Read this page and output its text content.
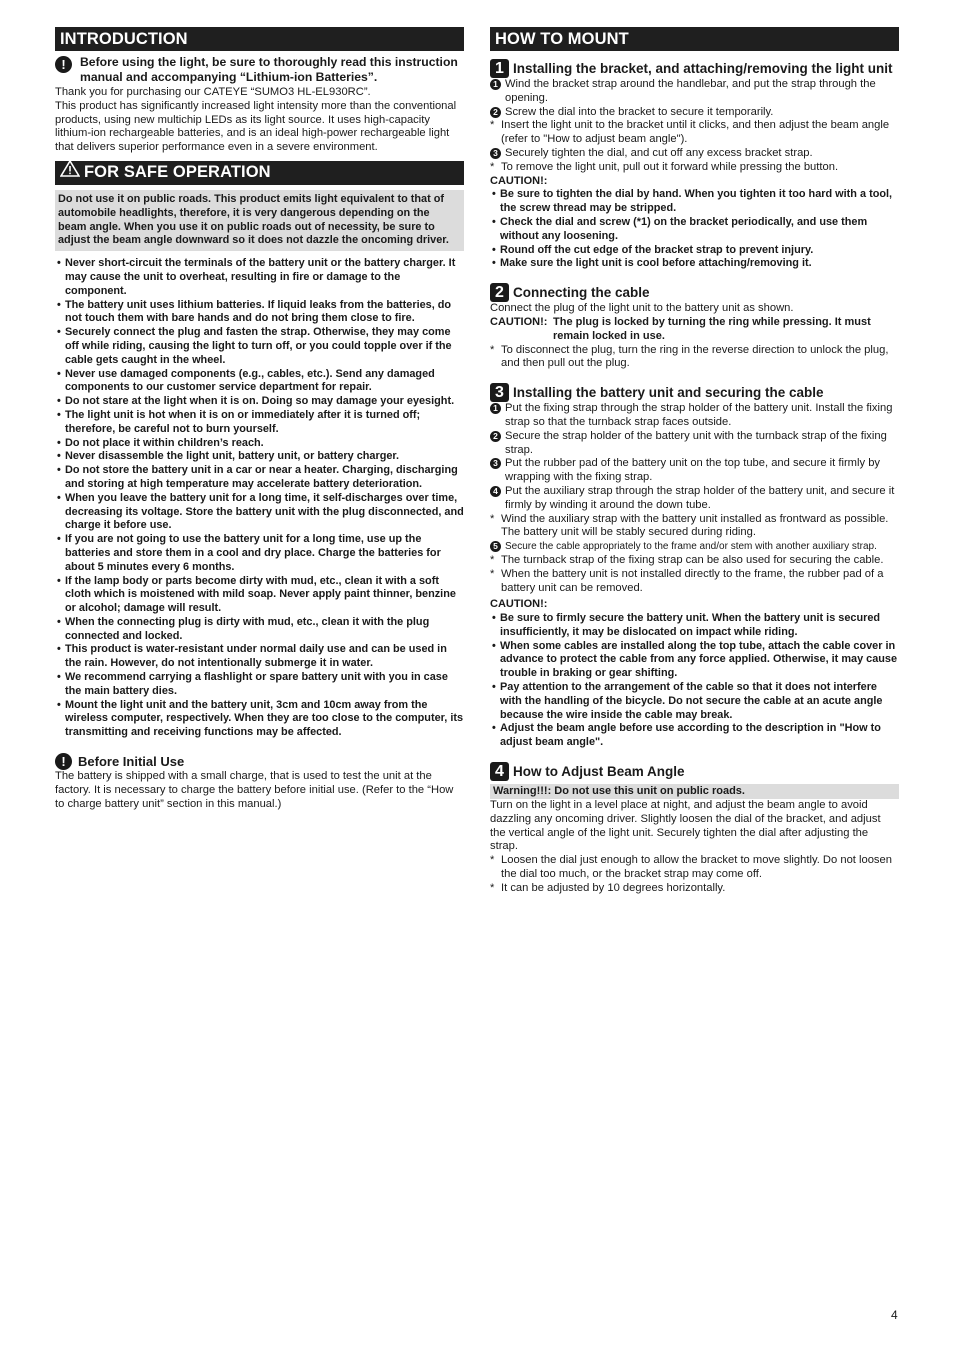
INTRODUCTION
!	Before using the light, be sure to thoroughly read this instruction manual and accompanying “Lithium-ion Batteries”.

Thank you for purchasing our CATEYE “SUMO3 HL-EL930RC”.

This product has significantly increased light intensity more than the conventional products, using new multichip LEDs as its light source. It uses high-capacity lithium-ion rechargeable batteries, and is an ideal high-power rechargeable light that delivers superior performance even in a severe environment.

FOR SAFE OPERATION
Do not use it on public roads. This product emits light equivalent to that of automobile headlights, therefore, it is very dangerous depending on the beam angle. When you use it on public roads out of necessity, be sure to adjust the beam angle downward so it does not dazzle the oncoming driver.
• Never short-circuit the terminals of the battery unit or the battery charger. It may cause the unit to overheat, resulting in fire or damage to the component.
• The battery unit uses lithium batteries. If liquid leaks from the batteries, do not touch them with bare hands and do not bring them close to fire.
• Securely connect the plug and fasten the strap. Otherwise, they may come off while riding, causing the light to turn off, or you could topple over if the cable gets caught in the wheel.
• Never use damaged components (e.g., cables, etc.). Send any damaged components to our customer service department for repair.
• Do not stare at the light when it is on. Doing so may damage your eyesight.
• The light unit is hot when it is on or immediately after it is turned off; therefore, be careful not to burn yourself.
• Do not place it within children’s reach.
• Never disassemble the light unit, battery unit, or battery charger.
• Do not store the battery unit in a car or near a heater. Charging, discharging and storing at high temperature may accelerate battery deterioration.
• When you leave the battery unit for a long time, it self-discharges over time, decreasing its voltage. Store the battery unit with the plug disconnected, and charge it before use.
• If you are not going to use the battery unit for a long time, use up the batteries and store them in a cool and dry place. Charge the batteries for about 5 minutes every 6 months.
• If the lamp body or parts become dirty with mud, etc., clean it with a soft cloth which is moistened with mild soap. Never apply paint thinner, benzine or alcohol; damage will result.
• When the connecting plug is dirty with mud, etc., clean it with the plug connected and locked.
• This product is water-resistant under normal daily use and can be used in the rain. However, do not intentionally submerge it in water.
• We recommend carrying a flashlight or spare battery unit with you in case the main battery dies.
• Mount the light unit and the battery unit, 3cm and 10cm away from the wireless computer, respectively. When they are too close to the computer, its transmitting and receiving functions may be affected.
! Before Initial Use

The battery is shipped with a small charge, that is used to test the unit at the factory. It is necessary to charge the battery before initial use. (Refer to the “How to charge battery unit” section in this manual.)

HOW TO MOUNT
1 Installing the bracket, and attaching/removing the light unit
1 Wind the bracket strap around the handlebar, and put the strap through the opening.
2 Screw the dial into the bracket to secure it temporarily.
* Insert the light unit to the bracket until it clicks, and then adjust the beam angle (refer to "How to adjust beam angle").
3 Securely tighten the dial, and cut off any excess bracket strap.
* To remove the light unit, pull out it forward while pressing the button.
CAUTION!:
• Be sure to tighten the dial by hand. When you tighten it too hard with a tool, the screw thread may be stripped.
• Check the dial and screw (*1) on the bracket periodically, and use them without any loosening.
• Round off the cut edge of the bracket strap to prevent injury.
• Make sure the light unit is cool before attaching/removing it.
2 Connecting the cable

Connect the plug of the light unit to the battery unit as shown.

CAUTION!: The plug is locked by turning the ring while pressing. It must remain locked in use.
* To disconnect the plug, turn the ring in the reverse direction to unlock the plug, and then pull out the plug.
3 Installing the battery unit and securing the cable
1 Put the fixing strap through the strap holder of the battery unit. Install the fixing strap so that the turnback strap faces outside.
2 Secure the strap holder of the battery unit with the turnback strap of the fixing strap.
3 Put the rubber pad of the battery unit on the top tube, and secure it firmly by wrapping with the fixing strap.
4 Put the auxiliary strap through the strap holder of the battery unit, and secure it firmly by winding it around the down tube.
* Wind the auxiliary strap with the battery unit installed as frontward as possible. The battery unit will be stably secured during riding.
5 Secure the cable appropriately to the frame and/or stem with another auxiliary strap.
* The turnback strap of the fixing strap can be also used for securing the cable.
* When the battery unit is not installed directly to the frame, the rubber pad of a battery unit can be removed.
CAUTION!:
• Be sure to firmly secure the battery unit. When the battery unit is secured insufficiently, it may be dislocated on impact while riding.
• When some cables are installed along the top tube, attach the cable cover in advance to protect the cable from any force applied. Otherwise, it may cause trouble in braking or gear shifting.
• Pay attention to the arrangement of the cable so that it does not interfere with the handling of the bicycle. Do not secure the cable at an acute angle because the wire inside the cable may break.
• Adjust the beam angle before use according to the description in "How to adjust beam angle".
4 How to Adjust Beam Angle
Warning!!!: Do not use this unit on public roads.

Turn on the light in a level place at night, and adjust the beam angle to avoid dazzling any oncoming driver. Slightly loosen the dial of the bracket, and adjust the vertical angle of the light unit. Securely tighten the dial after adjusting the strap.

* Loosen the dial just enough to allow the bracket to move slightly. Do not loosen the dial too much, or the bracket strap may come off.
* It can be adjusted by 10 degrees horizontally.
4
